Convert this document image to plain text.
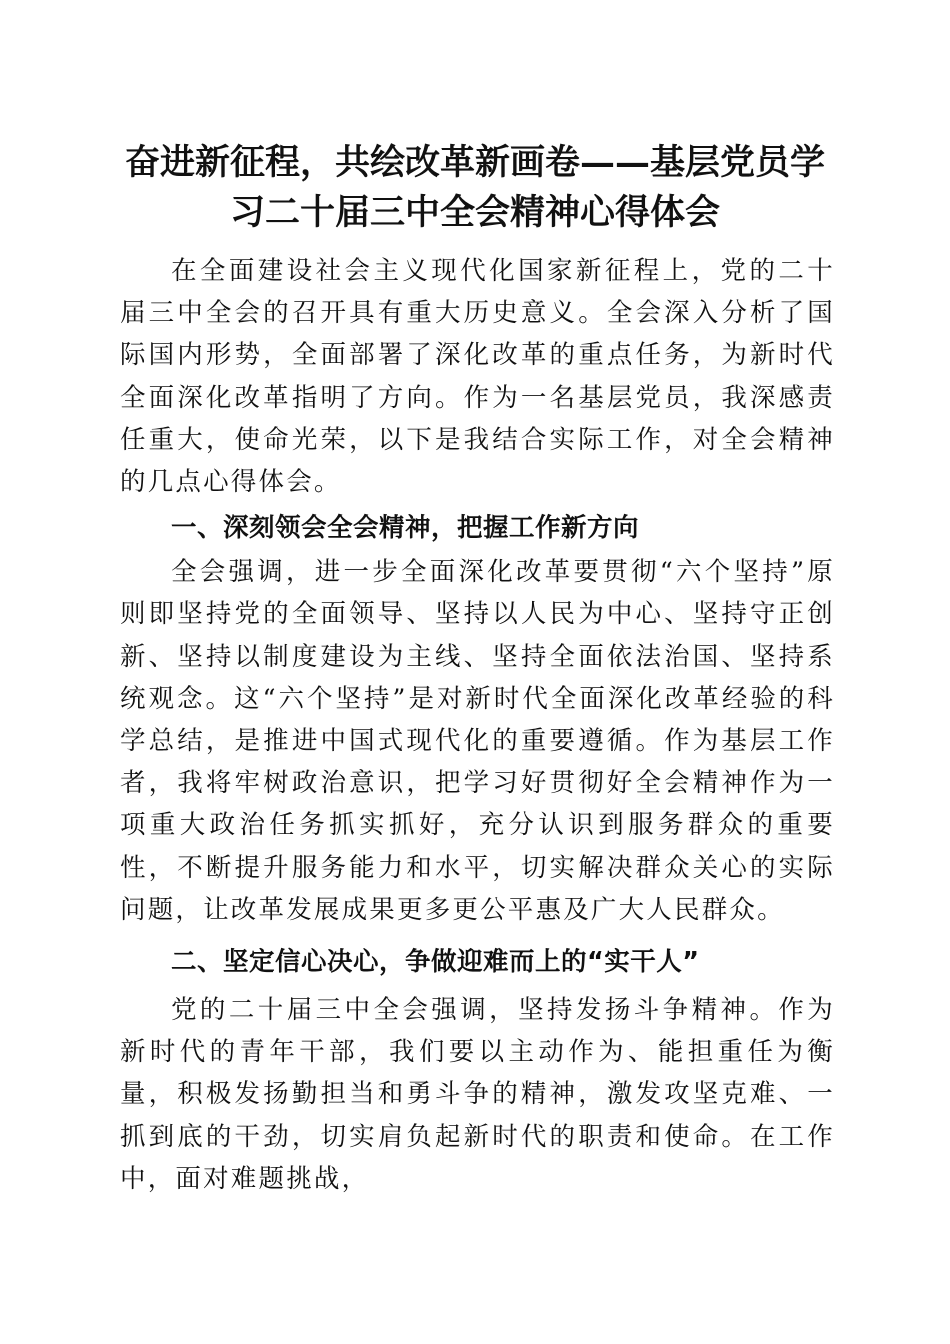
奋进新征程，共绘改革新画卷——基层党员学
习二十届三中全会精神心得体会

在全面建设社会主义现代化国家新征程上，党的二十届三中全会的召开具有重大历史意义。全会深入分析了国际国内形势，全面部署了深化改革的重点任务，为新时代全面深化改革指明了方向。作为一名基层党员，我深感责任重大，使命光荣，以下是我结合实际工作，对全会精神的几点心得体会。

一、深刻领会全会精神，把握工作新方向

全会强调，进一步全面深化改革要贯彻“六个坚持”原则即坚持党的全面领导、坚持以人民为中心、坚持守正创新、坚持以制度建设为主线、坚持全面依法治国、坚持系统观念。这“六个坚持”是对新时代全面深化改革经验的科学总结，是推进中国式现代化的重要遵循。作为基层工作者，我将牢树政治意识，把学习好贯彻好全会精神作为一项重大政治任务抓实抓好，充分认识到服务群众的重要性，不断提升服务能力和水平，切实解决群众关心的实际问题，让改革发展成果更多更公平惠及广大人民群众。

二、坚定信心决心，争做迎难而上的“实干人”

党的二十届三中全会强调，坚持发扬斗争精神。作为新时代的青年干部，我们要以主动作为、能担重任为衡量，积极发扬勤担当和勇斗争的精神，激发攻坚克难、一抓到底的干劲，切实肩负起新时代的职责和使命。在工作中，面对难题挑战，
